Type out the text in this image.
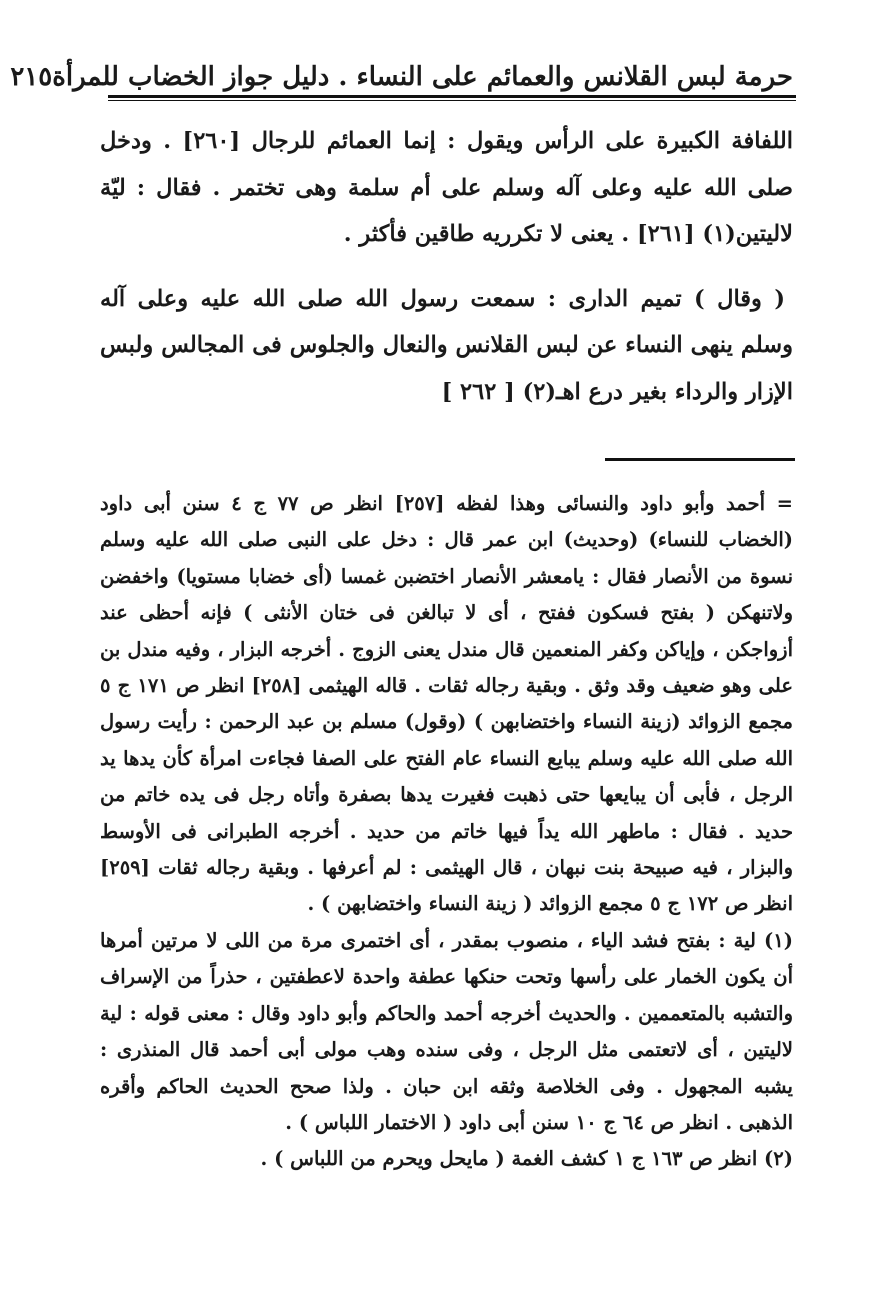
حرمة لبس القلانس والعمائم على النساء . دليل جواز الخضاب للمرأة
٢١٥

اللفافة الكبيرة على الرأس ويقول : إنما العمائم للرجال [٢٦٠] . ودخل صلى الله عليه وعلى آله وسلم على أم سلمة وهى تختمر . فقال : ليّة لاليتين(١) [٢٦١] . يعنى لا تكرريه طاقين فأكثر .

( وقال ) تميم الدارى : سمعت رسول الله صلى الله عليه وعلى آله وسلم ينهى النساء عن لبس القلانس والنعال والجلوس فى المجالس ولبس الإزار والرداء بغير درع اهـ(٢) [ ٢٦٢ ]

= أحمد وأبو داود والنسائى وهذا لفظه [٢٥٧] انظر ص ٧٧ ج ٤ سنن أبى داود (الخضاب للنساء) (وحديث) ابن عمر قال : دخل على النبى صلى الله عليه وسلم نسوة من الأنصار فقال : يامعشر الأنصار اختضبن غمسا (أى خضابا مستويا) واخفضن ولاتنهكن ( بفتح فسكون ففتح ، أى لا تبالغن فى ختان الأنثى ) فإنه أحظى عند أزواجكن ، وإياكن وكفر المنعمين قال مندل يعنى الزوج . أخرجه البزار ، وفيه مندل بن على وهو ضعيف وقد وثق . وبقية رجاله ثقات . قاله الهيثمى [٢٥٨] انظر ص ١٧١ ج ٥ مجمع الزوائد (زينة النساء واختضابهن ) (وقول) مسلم بن عبد الرحمن : رأيت رسول الله صلى الله عليه وسلم يبايع النساء عام الفتح على الصفا فجاءت امرأة كأن يدها يد الرجل ، فأبى أن يبايعها حتى ذهبت فغيرت يدها بصفرة وأتاه رجل فى يده خاتم من حديد . فقال : ماطهر الله يداً فيها خاتم من حديد . أخرجه الطبرانى فى الأوسط والبزار ، فيه صبيحة بنت نبهان ، قال الهيثمى : لم أعرفها . وبقية رجاله ثقات [٢٥٩] انظر ص ١٧٢ ج ٥ مجمع الزوائد ( زينة النساء واختضابهن ) .

(١) لية : بفتح فشد الياء ، منصوب بمقدر ، أى اختمرى مرة من اللى لا مرتين أمرها أن يكون الخمار على رأسها وتحت حنكها عطفة واحدة لاعطفتين ، حذراً من الإسراف والتشبه بالمتعممين . والحديث أخرجه أحمد والحاكم وأبو داود وقال : معنى قوله : لية لاليتين ، أى لاتعتمى مثل الرجل ، وفى سنده وهب مولى أبى أحمد قال المنذرى : يشبه المجهول . وفى الخلاصة وثقه ابن حبان . ولذا صحح الحديث الحاكم وأقره الذهبى . انظر ص ٦٤ ج ١٠ سنن أبى داود ( الاختمار اللباس ) .

(٢) انظر ص ١٦٣ ج ١ كشف الغمة ( مايحل ويحرم من اللباس ) .
